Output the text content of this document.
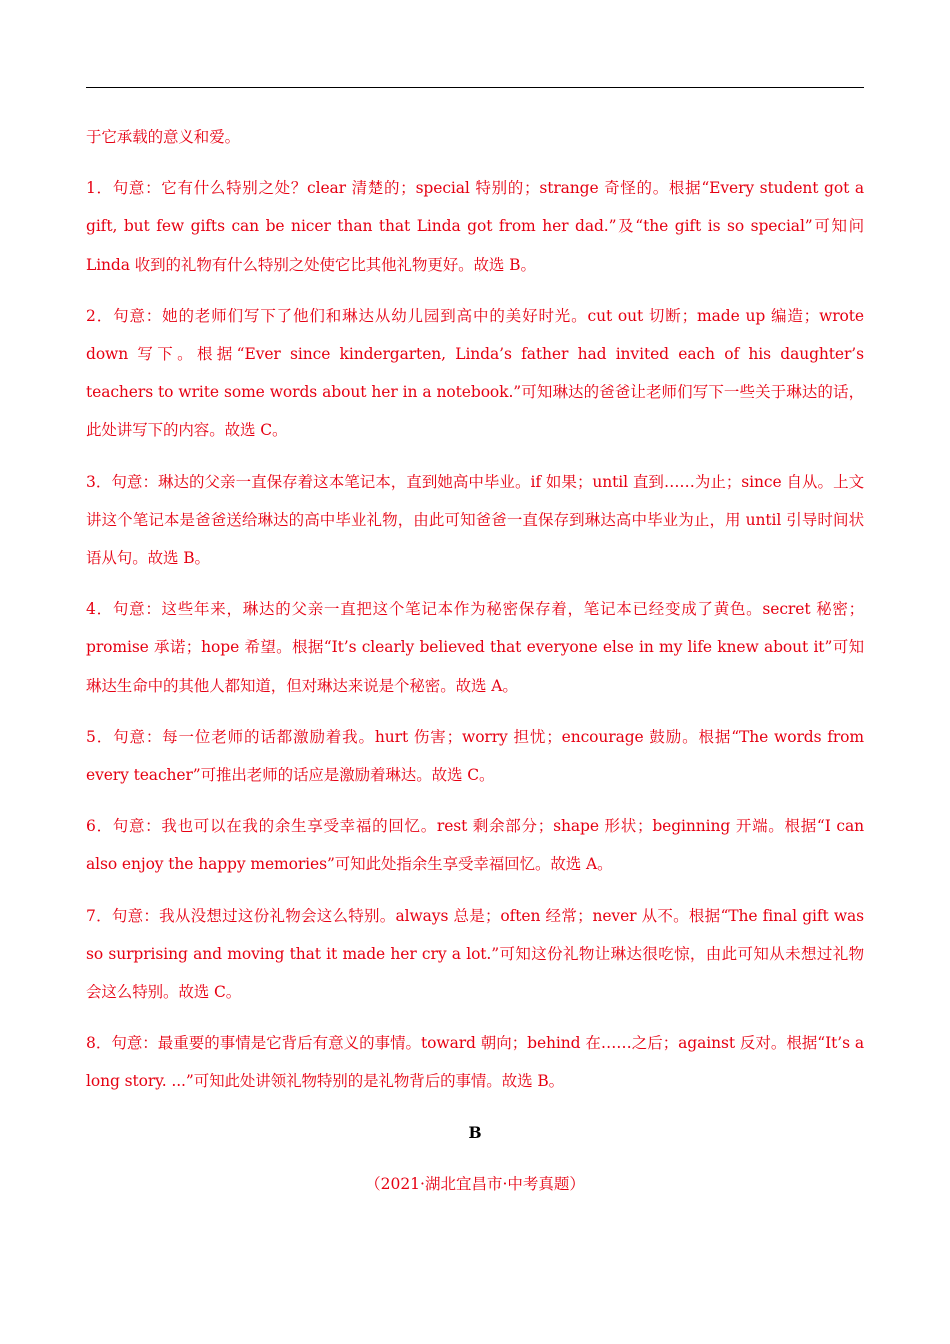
于它承载的意义和爱。

1．句意：它有什么特别之处？clear 清楚的；special 特别的；strange 奇怪的。根据“Every student got a gift, but few gifts can be nicer than that Linda got from her dad.”及“the gift is so special”可知问 Linda 收到的礼物有什么特别之处使它比其他礼物更好。故选 B。

2．句意：她的老师们写下了他们和琳达从幼儿园到高中的美好时光。cut out 切断；made up 编造；wrote down 写下。根据“Ever since kindergarten, Linda’s father had invited each of his daughter’s teachers to write some words about her in a notebook.”可知琳达的爸爸让老师们写下一些关于琳达的话，此处讲写下的内容。故选 C。

3．句意：琳达的父亲一直保存着这本笔记本，直到她高中毕业。if 如果；until 直到……为止；since 自从。上文讲这个笔记本是爸爸送给琳达的高中毕业礼物，由此可知爸爸一直保存到琳达高中毕业为止，用 until 引导时间状语从句。故选 B。

4．句意：这些年来，琳达的父亲一直把这个笔记本作为秘密保存着，笔记本已经变成了黄色。secret 秘密；promise 承诺；hope 希望。根据“It’s clearly believed that everyone else in my life knew about it”可知琳达生命中的其他人都知道，但对琳达来说是个秘密。故选 A。

5．句意：每一位老师的话都激励着我。hurt 伤害；worry 担忧；encourage 鼓励。根据“The words from every teacher”可推出老师的话应是激励着琳达。故选 C。

6．句意：我也可以在我的余生享受幸福的回忆。rest 剩余部分；shape 形状；beginning 开端。根据“I can also enjoy the happy memories”可知此处指余生享受幸福回忆。故选 A。

7．句意：我从没想过这份礼物会这么特别。always 总是；often 经常；never 从不。根据“The final gift was so surprising and moving that it made her cry a lot.”可知这份礼物让琳达很吃惊，由此可知从未想过礼物会这么特别。故选 C。

8．句意：最重要的事情是它背后有意义的事情。toward 朝向；behind 在……之后；against 反对。根据“It’s a long story. ...”可知此处讲领礼物特别的是礼物背后的事情。故选 B。

B
（2021·湖北宜昌市·中考真题）
